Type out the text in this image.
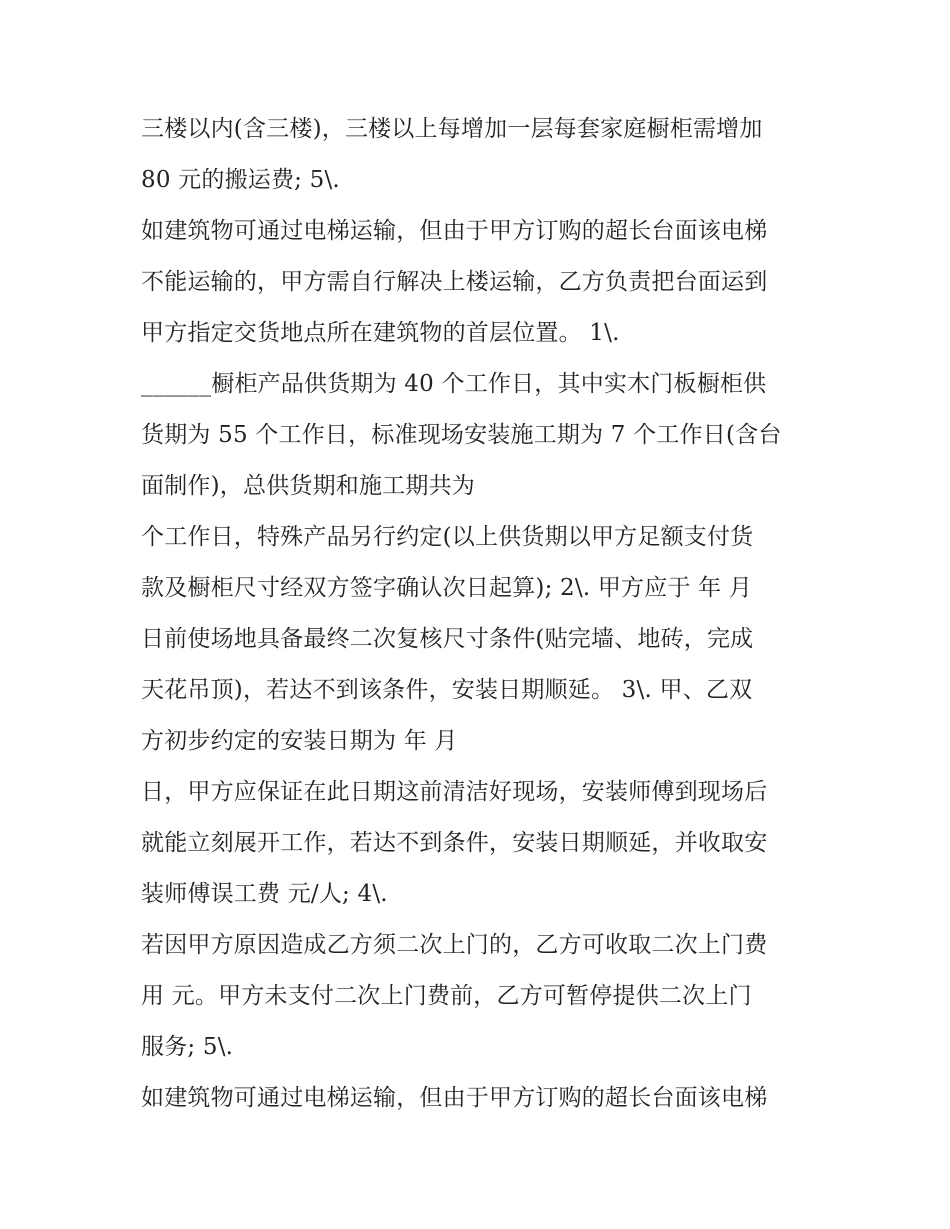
三楼以内(含三楼)，三楼以上每增加一层每套家庭橱柜需增加
80 元的搬运费; 5\.
如建筑物可通过电梯运输，但由于甲方订购的超长台面该电梯
不能运输的，甲方需自行解决上楼运输，乙方负责把台面运到
甲方指定交货地点所在建筑物的首层位置。 1\.
______橱柜产品供货期为 40 个工作日，其中实木门板橱柜供
货期为 55 个工作日，标准现场安装施工期为 7 个工作日(含台
面制作)，总供货期和施工期共为
个工作日，特殊产品另行约定(以上供货期以甲方足额支付货
款及橱柜尺寸经双方签字确认次日起算); 2\. 甲方应于 年 月
日前使场地具备最终二次复核尺寸条件(贴完墙、地砖，完成
天花吊顶)，若达不到该条件，安装日期顺延。 3\. 甲、乙双
方初步约定的安装日期为 年 月
日，甲方应保证在此日期这前清洁好现场，安装师傅到现场后
就能立刻展开工作，若达不到条件，安装日期顺延，并收取安
装师傅误工费 元/人; 4\.
若因甲方原因造成乙方须二次上门的，乙方可收取二次上门费
用 元。甲方未支付二次上门费前，乙方可暂停提供二次上门
服务; 5\.
如建筑物可通过电梯运输，但由于甲方订购的超长台面该电梯
